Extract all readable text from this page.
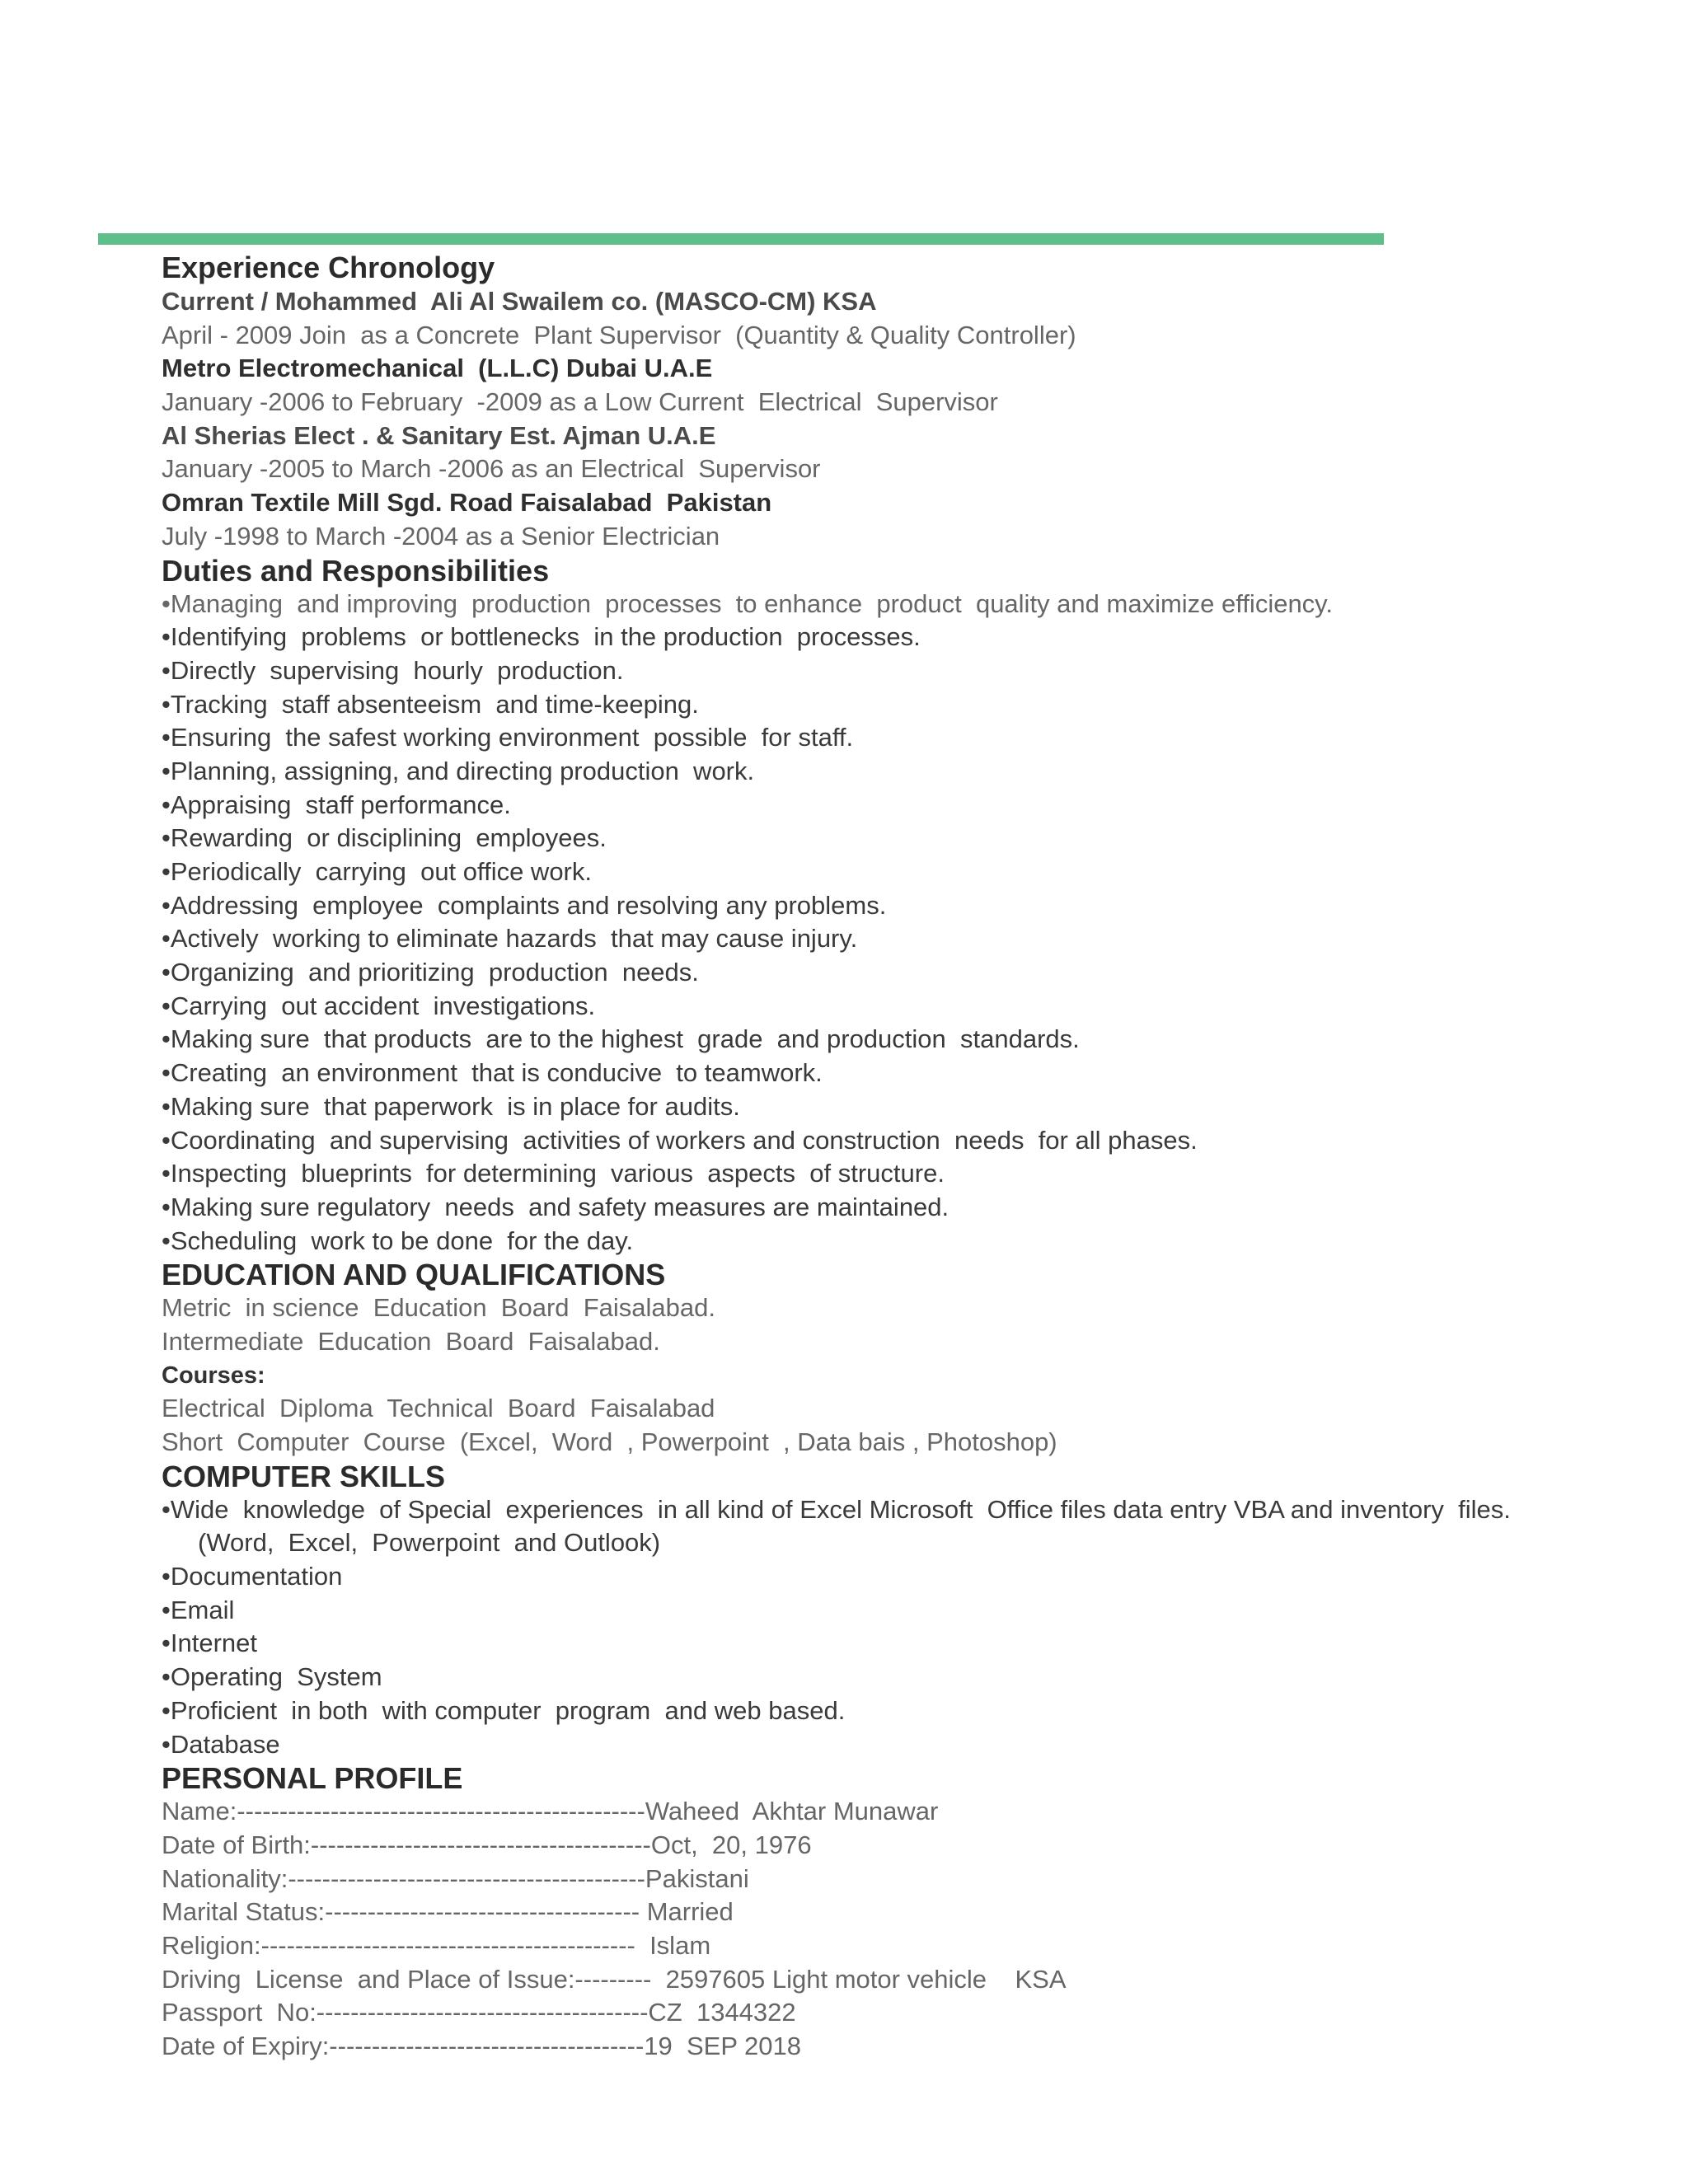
Experience Chronology
Current / Mohammed  Ali Al Swailem co. (MASCO-CM) KSA
April - 2009 Join  as a Concrete  Plant Supervisor  (Quantity & Quality Controller)
Metro Electromechanical  (L.L.C) Dubai U.A.E
January -2006 to February  -2009 as a Low Current  Electrical  Supervisor
Al Sherias Elect . & Sanitary Est. Ajman U.A.E
January -2005 to March -2006 as an Electrical  Supervisor
Omran Textile Mill Sgd. Road Faisalabad  Pakistan
July -1998 to March -2004 as a Senior Electrician
Duties and Responsibilities
• Managing  and improving  production  processes  to enhance  product  quality and maximize efficiency.
• Identifying  problems  or bottlenecks  in the production  processes.
• Directly  supervising  hourly  production.
• Tracking  staff absenteeism  and time-keeping.
• Ensuring  the safest working environment  possible  for staff.
• Planning, assigning, and directing production  work.
• Appraising  staff performance.
• Rewarding  or disciplining  employees.
• Periodically  carrying  out office work.
• Addressing  employee  complaints and resolving any problems.
• Actively  working to eliminate hazards  that may cause injury.
• Organizing  and prioritizing  production  needs.
• Carrying  out accident  investigations.
• Making sure  that products  are to the highest  grade  and production  standards.
• Creating  an environment  that is conducive  to teamwork.
• Making sure  that paperwork  is in place for audits.
• Coordinating  and supervising  activities of workers and construction  needs  for all phases.
• Inspecting  blueprints  for determining  various  aspects  of structure.
• Making sure regulatory  needs  and safety measures are maintained.
• Scheduling  work to be done  for the day.
EDUCATION AND QUALIFICATIONS
Metric  in science  Education  Board  Faisalabad.
Intermediate  Education  Board  Faisalabad.
Courses:
Electrical  Diploma  Technical  Board  Faisalabad
Short  Computer  Course  (Excel,  Word  , Powerpoint  , Data bais , Photoshop)
COMPUTER SKILLS
• Wide  knowledge  of Special  experiences  in all kind of Excel Microsoft  Office files data entry VBA and inventory  files.
(Word,  Excel,  Powerpoint  and Outlook)
• Documentation
• Email
• Internet
• Operating  System
• Proficient  in both  with computer  program  and web based.
• Database
PERSONAL PROFILE
Name:------------------------------------------------Waheed  Akhtar Munawar
Date of Birth:----------------------------------------Oct,  20, 1976
Nationality:------------------------------------------Pakistani
Marital Status:------------------------------------- Married
Religion:--------------------------------------------  Islam
Driving  License  and Place of Issue:---------  2597605 Light motor vehicle    KSA
Passport  No:---------------------------------------CZ  1344322
Date of Expiry:-------------------------------------19  SEP 2018
